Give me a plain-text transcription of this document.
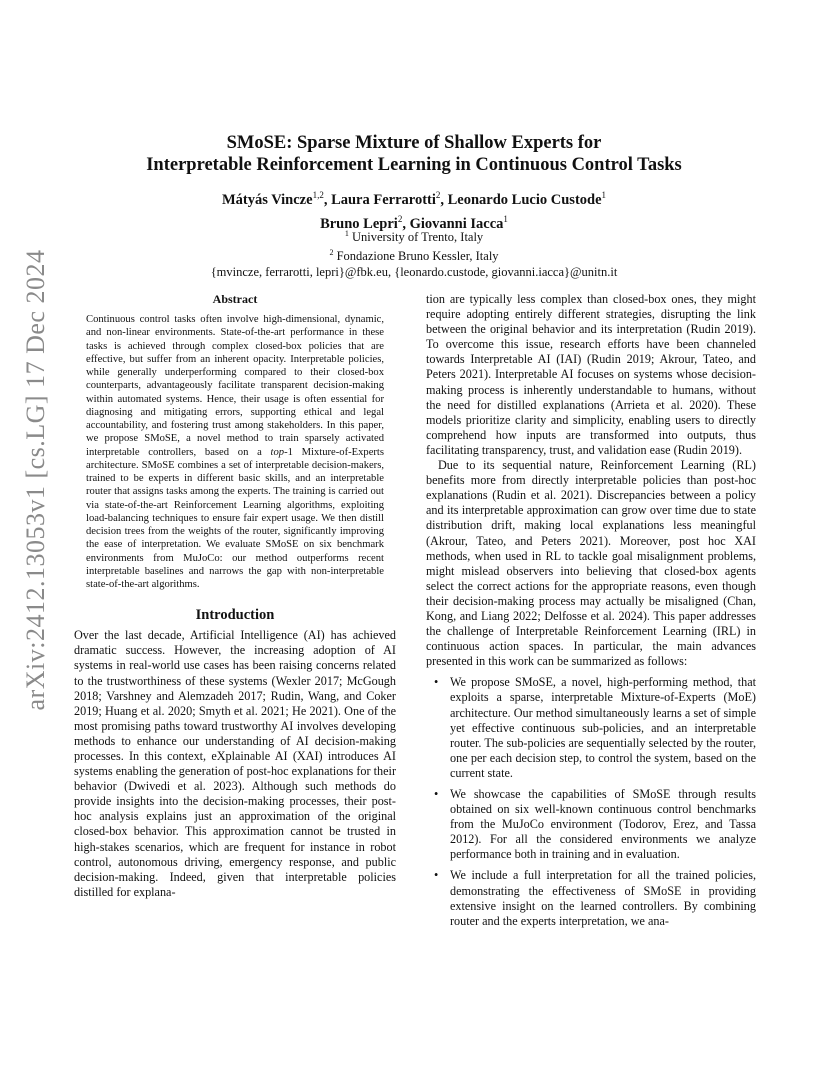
arXiv:2412.13053v1 [cs.LG] 17 Dec 2024
SMoSE: Sparse Mixture of Shallow Experts for
Interpretable Reinforcement Learning in Continuous Control Tasks
Mátyás Vincze$^{1,2}$, Laura Ferrarotti$^2$, Leonardo Lucio Custode$^1$
Bruno Lepri$^2$, Giovanni Iacca$^1$
$^1$ University of Trento, Italy
$^2$ Fondazione Bruno Kessler, Italy
{mvincze, ferrarotti, lepri}@fbk.eu, {leonardo.custode, giovanni.iacca}@unitn.it
Abstract

Continuous control tasks often involve high-dimensional, dynamic, and non-linear environments. State-of-the-art performance in these tasks is achieved through complex closed-box policies that are effective, but suffer from an inherent opacity. Interpretable policies, while generally underperforming compared to their closed-box counterparts, advantageously facilitate transparent decision-making within automated systems. Hence, their usage is often essential for diagnosing and mitigating errors, supporting ethical and legal accountability, and fostering trust among stakeholders. In this paper, we propose SMoSE, a novel method to train sparsely activated interpretable controllers, based on a top-1 Mixture-of-Experts architecture. SMoSE combines a set of interpretable decision-makers, trained to be experts in different basic skills, and an interpretable router that assigns tasks among the experts. The training is carried out via state-of-the-art Reinforcement Learning algorithms, exploiting load-balancing techniques to ensure fair expert usage. We then distill decision trees from the weights of the router, significantly improving the ease of interpretation. We evaluate SMoSE on six benchmark environments from MuJoCo: our method outperforms recent interpretable baselines and narrows the gap with non-interpretable state-of-the-art algorithms.

Introduction

Over the last decade, Artificial Intelligence (AI) has achieved dramatic success. However, the increasing adoption of AI systems in real-world use cases has been raising concerns related to the trustworthiness of these systems (Wexler 2017; McGough 2018; Varshney and Alemzadeh 2017; Rudin, Wang, and Coker 2019; Huang et al. 2020; Smyth et al. 2021; He 2021). One of the most promising paths toward trustworthy AI involves developing methods to enhance our understanding of AI decision-making processes. In this context, eXplainable AI (XAI) introduces AI systems enabling the generation of post-hoc explanations for their behavior (Dwivedi et al. 2023). Although such methods do provide insights into the decision-making processes, their post-hoc analysis explains just an approximation of the original closed-box behavior. This approximation cannot be trusted in high-stakes scenarios, which are frequent for instance in robot control, autonomous driving, emergency response, and public decision-making. Indeed, given that interpretable policies distilled for explana-

tion are typically less complex than closed-box ones, they might require adopting entirely different strategies, disrupting the link between the original behavior and its interpretation (Rudin 2019). To overcome this issue, research efforts have been channeled towards Interpretable AI (IAI) (Rudin 2019; Akrour, Tateo, and Peters 2021). Interpretable AI focuses on systems whose decision-making process is inherently understandable to humans, without the need for distilled explanations (Arrieta et al. 2020). These models prioritize clarity and simplicity, enabling users to directly comprehend how inputs are transformed into outputs, thus facilitating transparency, trust, and validation ease (Rudin 2019).

Due to its sequential nature, Reinforcement Learning (RL) benefits more from directly interpretable policies than post-hoc explanations (Rudin et al. 2021). Discrepancies between a policy and its interpretable approximation can grow over time due to state distribution drift, making local explanations less meaningful (Akrour, Tateo, and Peters 2021). Moreover, post hoc XAI methods, when used in RL to tackle goal misalignment problems, might mislead observers into believing that closed-box agents select the correct actions for the appropriate reasons, even though their decision-making process may actually be misaligned (Chan, Kong, and Liang 2022; Delfosse et al. 2024). This paper addresses the challenge of Interpretable Reinforcement Learning (IRL) in continuous action spaces. In particular, the main advances presented in this work can be summarized as follows:

• We propose SMoSE, a novel, high-performing method, that exploits a sparse, interpretable Mixture-of-Experts (MoE) architecture. Our method simultaneously learns a set of simple yet effective continuous sub-policies, and an interpretable router. The sub-policies are sequentially selected by the router, one per each decision step, to control the system, based on the current state.
• We showcase the capabilities of SMoSE through results obtained on six well-known continuous control benchmarks from the MuJoCo environment (Todorov, Erez, and Tassa 2012). For all the considered environments we analyze performance both in training and in evaluation.
• We include a full interpretation for all the trained policies, demonstrating the effectiveness of SMoSE in providing extensive insight on the learned controllers. By combining router and the experts interpretation, we ana-
